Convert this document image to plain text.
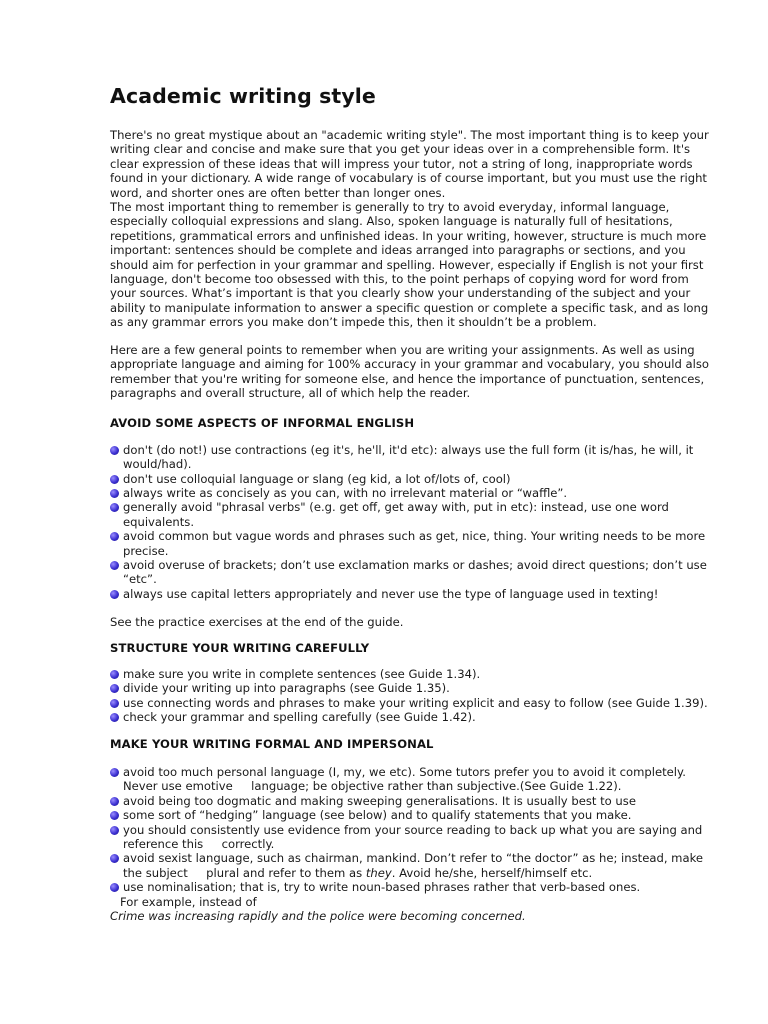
Academic writing style

There's no great mystique about an "academic writing style". The most important thing is to keep your writing clear and concise and make sure that you get your ideas over in a comprehensible form. It's clear expression of these ideas that will impress your tutor, not a string of long, inappropriate words found in your dictionary. A wide range of vocabulary is of course important, but you must use the right word, and shorter ones are often better than longer ones.

The most important thing to remember is generally to try to avoid everyday, informal language, especially colloquial expressions and slang. Also, spoken language is naturally full of hesitations, repetitions, grammatical errors and unfinished ideas. In your writing, however, structure is much more important: sentences should be complete and ideas arranged into paragraphs or sections, and you should aim for perfection in your grammar and spelling. However, especially if English is not your first language, don't become too obsessed with this, to the point perhaps of copying word for word from your sources. What’s important is that you clearly show your understanding of the subject and your ability to manipulate information to answer a specific question or complete a specific task, and as long as any grammar errors you make don’t impede this, then it shouldn’t be a problem.

Here are a few general points to remember when you are writing your assignments. As well as using appropriate language and aiming for 100% accuracy in your grammar and vocabulary, you should also remember that you're writing for someone else, and hence the importance of punctuation, sentences, paragraphs and overall structure, all of which help the reader.

AVOID SOME ASPECTS OF INFORMAL ENGLISH
don't (do not!) use contractions (eg it's, he'll, it'd etc): always use the full form (it is/has, he will, it would/had).
don't use colloquial language or slang (eg kid, a lot of/lots of, cool)
always write as concisely as you can, with no irrelevant material or “waffle”.
generally avoid "phrasal verbs" (e.g. get off, get away with, put in etc): instead, use one word equivalents.
avoid common but vague words and phrases such as get, nice, thing. Your writing needs to be more precise.
avoid overuse of brackets; don’t use exclamation marks or dashes; avoid direct questions; don’t use “etc”.
always use capital letters appropriately and never use the type of language used in texting!

See the practice exercises at the end of the guide.

STRUCTURE YOUR WRITING CAREFULLY
make sure you write in complete sentences (see Guide 1.34).
divide your writing up into paragraphs (see Guide 1.35).
use connecting words and phrases to make your writing explicit and easy to follow (see Guide 1.39).
check your grammar and spelling carefully (see Guide 1.42).
MAKE YOUR WRITING FORMAL AND IMPERSONAL
avoid too much personal language (I, my, we etc). Some tutors prefer you to avoid it completely. Never use emotive     language; be objective rather than subjective.(See Guide 1.22).
avoid being too dogmatic and making sweeping generalisations. It is usually best to use
some sort of “hedging” language (see below) and to qualify statements that you make.
you should consistently use evidence from your source reading to back up what you are saying and reference this     correctly.
avoid sexist language, such as chairman, mankind. Don’t refer to “the doctor” as he; instead, make the subject     plural and refer to them as they. Avoid he/she, herself/himself etc.
use nominalisation; that is, try to write noun-based phrases rather that verb-based ones.

For example, instead of

Crime was increasing rapidly and the police were becoming concerned.
